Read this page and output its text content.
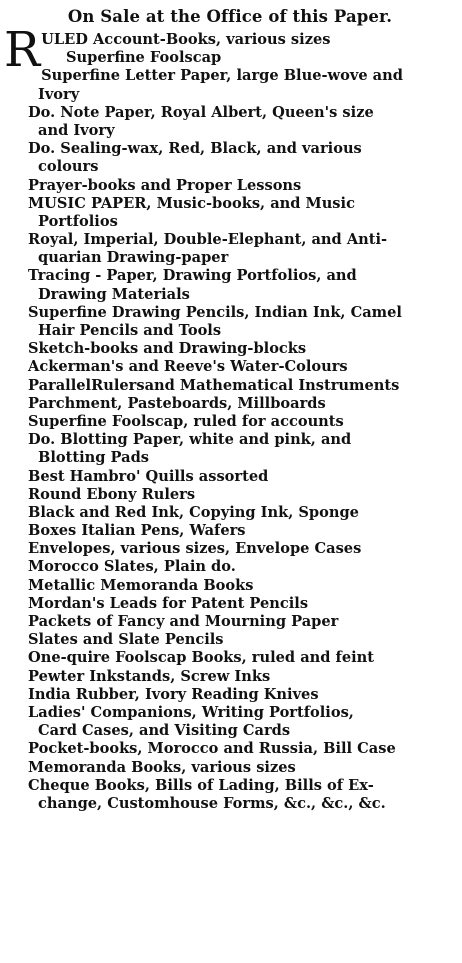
On Sale at the Office of this Paper.
R ULED Account-Books, various sizes
Superfine Foolscap
Superfine Letter Paper, large Blue-wove and
Ivory
Do. Note Paper, Royal Albert, Queen's size
and Ivory
Do. Sealing-wax, Red, Black, and various
colours
Prayer-books and Proper Lessons
MUSIC PAPER, Music-books, and Music
Portfolios
Royal, Imperial, Double-Elephant, and Anti-
quarian Drawing-paper
Tracing - Paper, Drawing Portfolios, and
Drawing Materials
Superfine Drawing Pencils, Indian Ink, Camel
Hair Pencils and Tools
Sketch-books and Drawing-blocks
Ackerman's and Reeve's Water-Colours
ParallelRulersand Mathematical Instruments
Parchment, Pasteboards, Millboards
Superfine Foolscap, ruled for accounts
Do. Blotting Paper, white and pink, and
Blotting Pads
Best Hambro' Quills assorted
Round Ebony Rulers
Black and Red Ink, Copying Ink, Sponge
Boxes Italian Pens, Wafers
Envelopes, various sizes, Envelope Cases
Morocco Slates, Plain do.
Metallic Memoranda Books
Mordan's Leads for Patent Pencils
Packets of Fancy and Mourning Paper
Slates and Slate Pencils
One-quire Foolscap Books, ruled and feint
Pewter Inkstands, Screw Inks
India Rubber, Ivory Reading Knives
Ladies' Companions, Writing Portfolios,
Card Cases, and Visiting Cards
Pocket-books, Morocco and Russia, Bill Case
Memoranda Books, various sizes
Cheque Books, Bills of Lading, Bills of Ex-
change, Customhouse Forms, &c., &c., &c.
